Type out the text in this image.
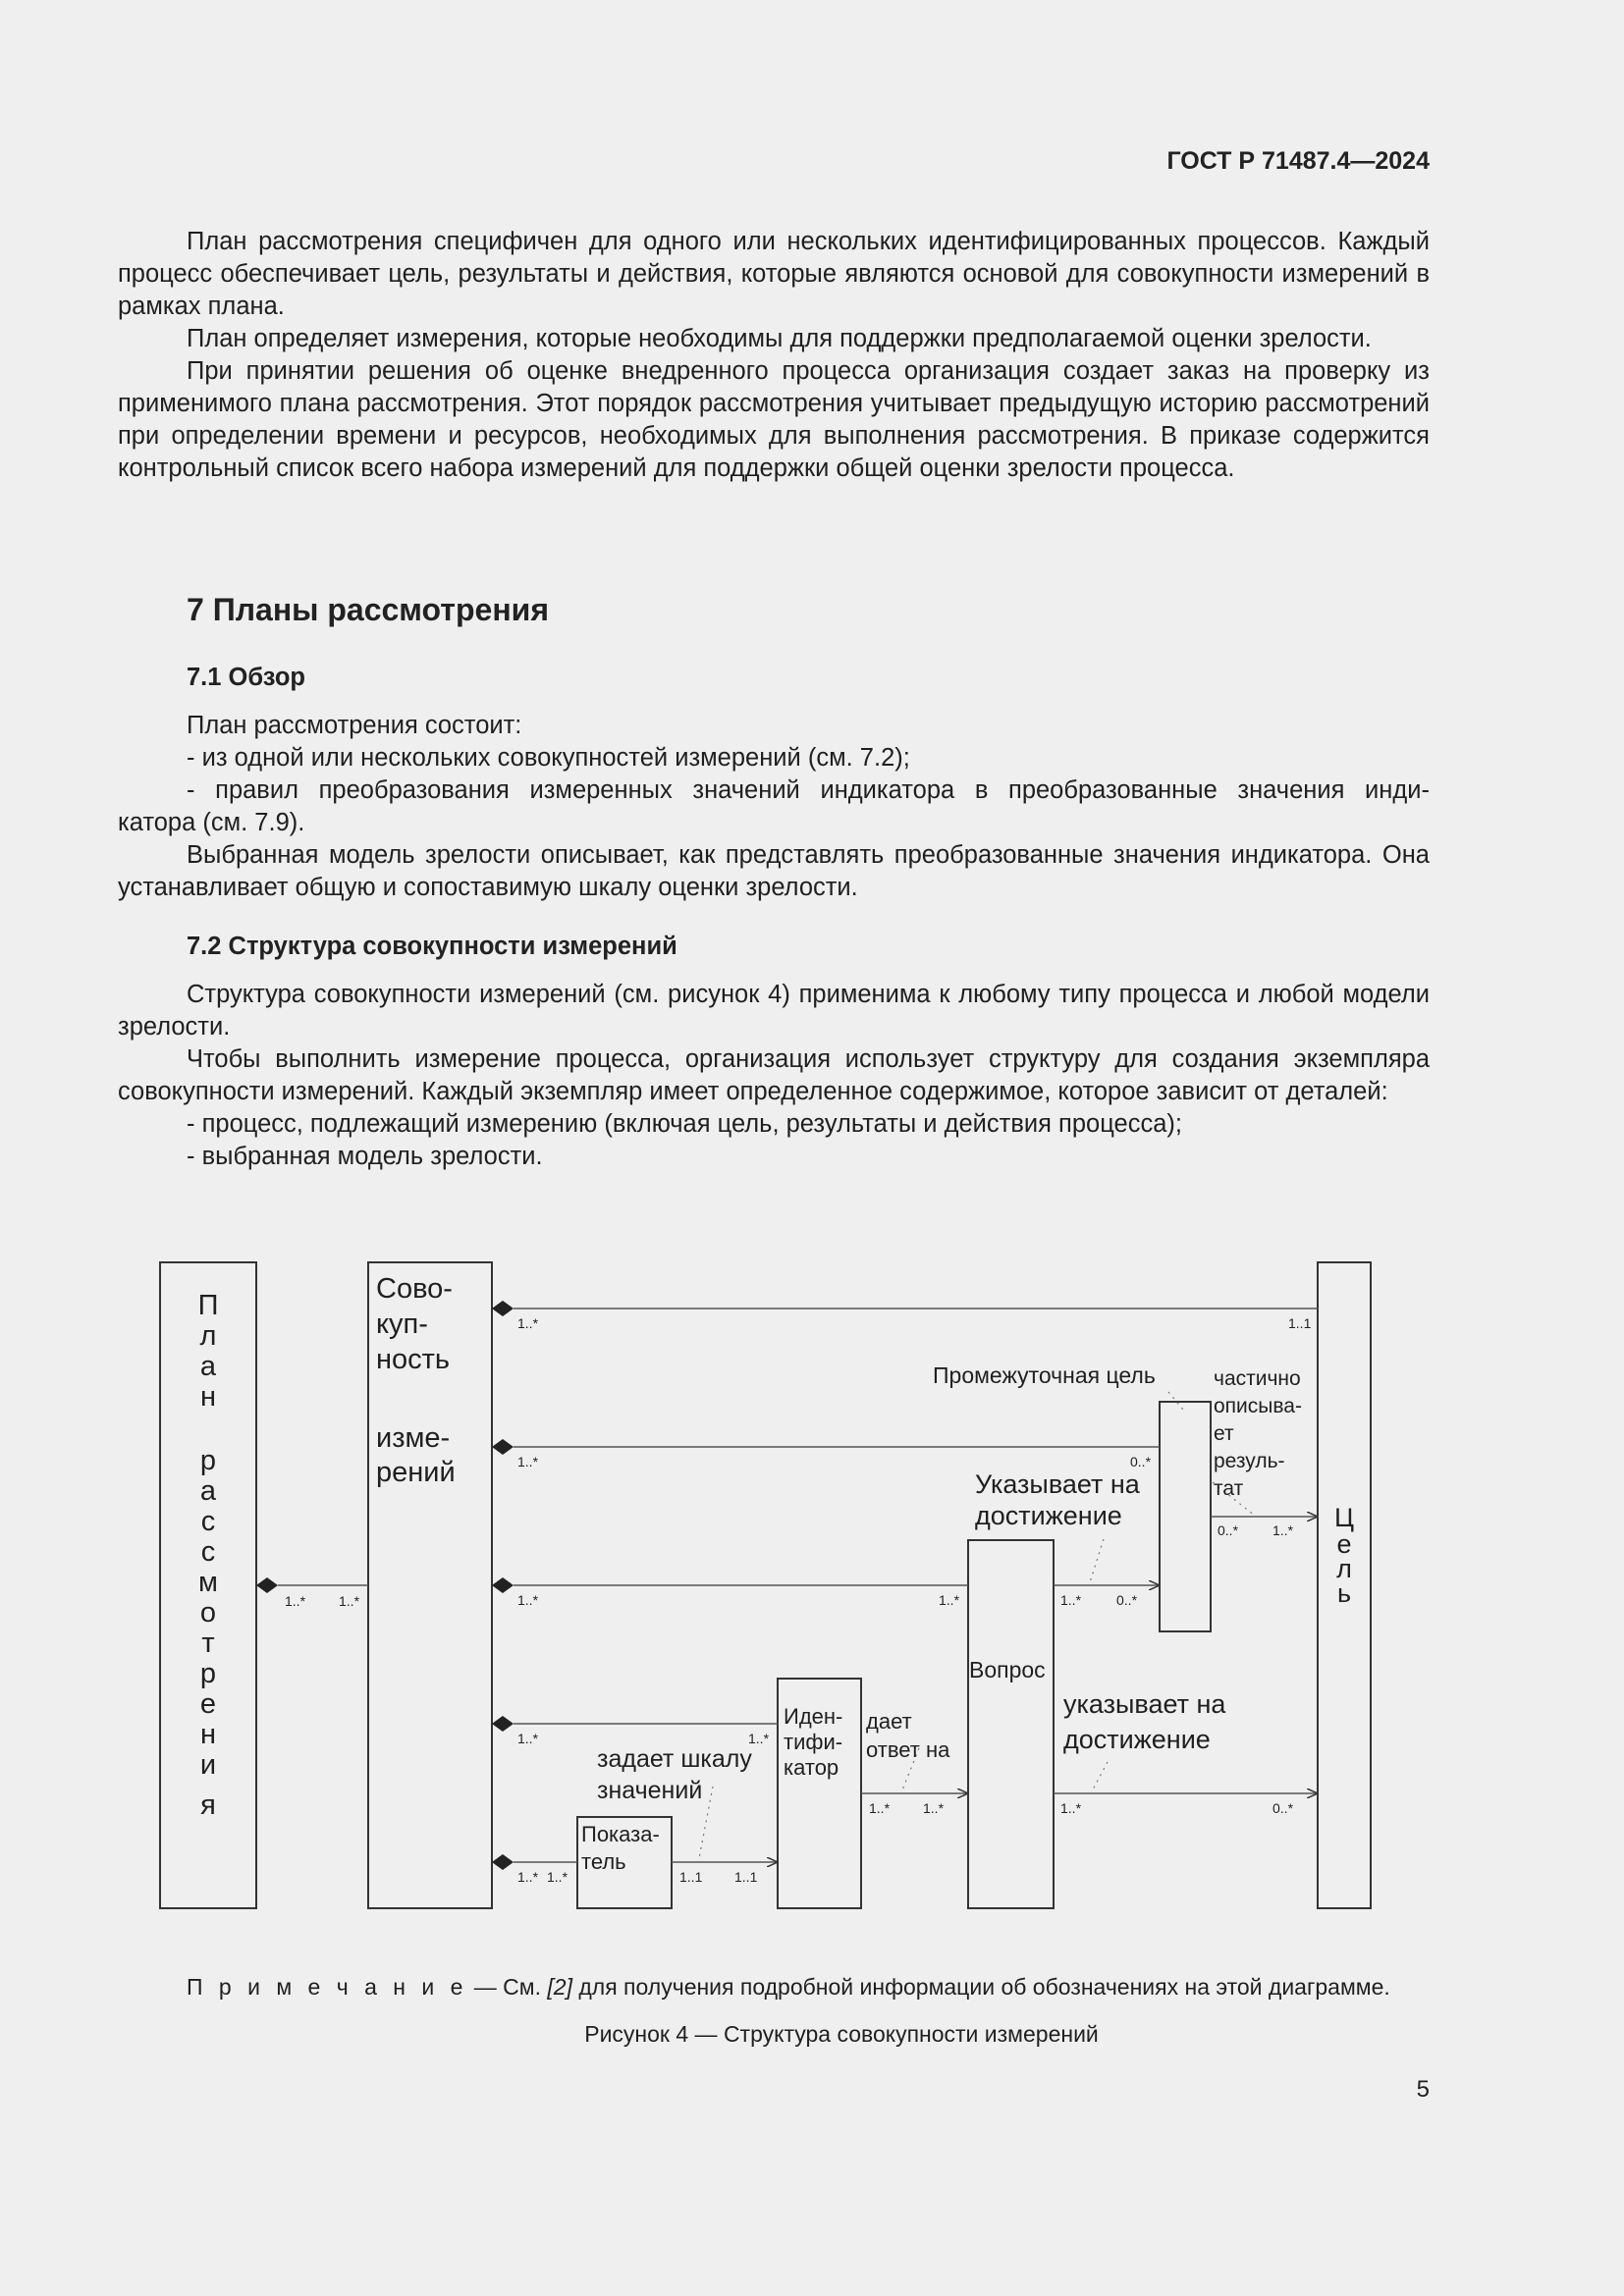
ГОСТ Р 71487.4—2024

План рассмотрения специфичен для одного или нескольких идентифицированных процессов. Каждый процесс обеспечивает цель, результаты и действия, которые являются основой для совокупности измерений в рамках плана.

План определяет измерения, которые необходимы для поддержки предполагаемой оценки зрелости.

При принятии решения об оценке внедренного процесса организация создает заказ на проверку из применимого плана рассмотрения. Этот порядок рассмотрения учитывает предыдущую историю рассмотрений при определении времени и ресурсов, необходимых для выполнения рассмотрения. В приказе содержится контрольный список всего набора измерений для поддержки общей оценки зрелости процесса.

7 Планы рассмотрения
7.1 Обзор

План рассмотрения состоит:

- из одной или нескольких совокупностей измерений (см. 7.2);

- правил преобразования измеренных значений индикатора в преобразованные значения инди-

катора (см. 7.9).

Выбранная модель зрелости описывает, как представлять преобразованные значения индикатора. Она устанавливает общую и сопоставимую шкалу оценки зрелости.

7.2 Структура совокупности измерений

Структура совокупности измерений (см. рисунок 4) применима к любому типу процесса и любой модели зрелости.

Чтобы выполнить измерение процесса, организация использует структуру для создания экземпляра совокупности измерений. Каждый экземпляр имеет определенное содержимое, которое зависит от деталей:

- процесс, подлежащий измерению (включая цель, результаты и действия процесса);

- выбранная модель зрелости.

П
л
а
н
р
а
с
с
м
о
т
р
е
н
и
я
Ц
е
л
ь
Сово-
куп-
ность
изме-
рений
Иден-
тифи-
катор
Показа-
тель
Вопрос
Промежуточная цель	частично
описыва-
ет
резуль-
тат
Указывает на
достижение
указывает на
достижение
дает
ответ на
задает шкалу
значений
1..* 1..*
1..*	1..1
1..*	0..*
1..*	1..*	1..*	0..*
0..* 1..*
1..*	1..*
1..* 1..*	1..*	0..*
1..* 1..*	1..1 1..1
П р и м е ч а н и е — См. [2] для получения подробной информации об обозначениях на этой диаграмме.
Рисунок 4 — Структура совокупности измерений
5
